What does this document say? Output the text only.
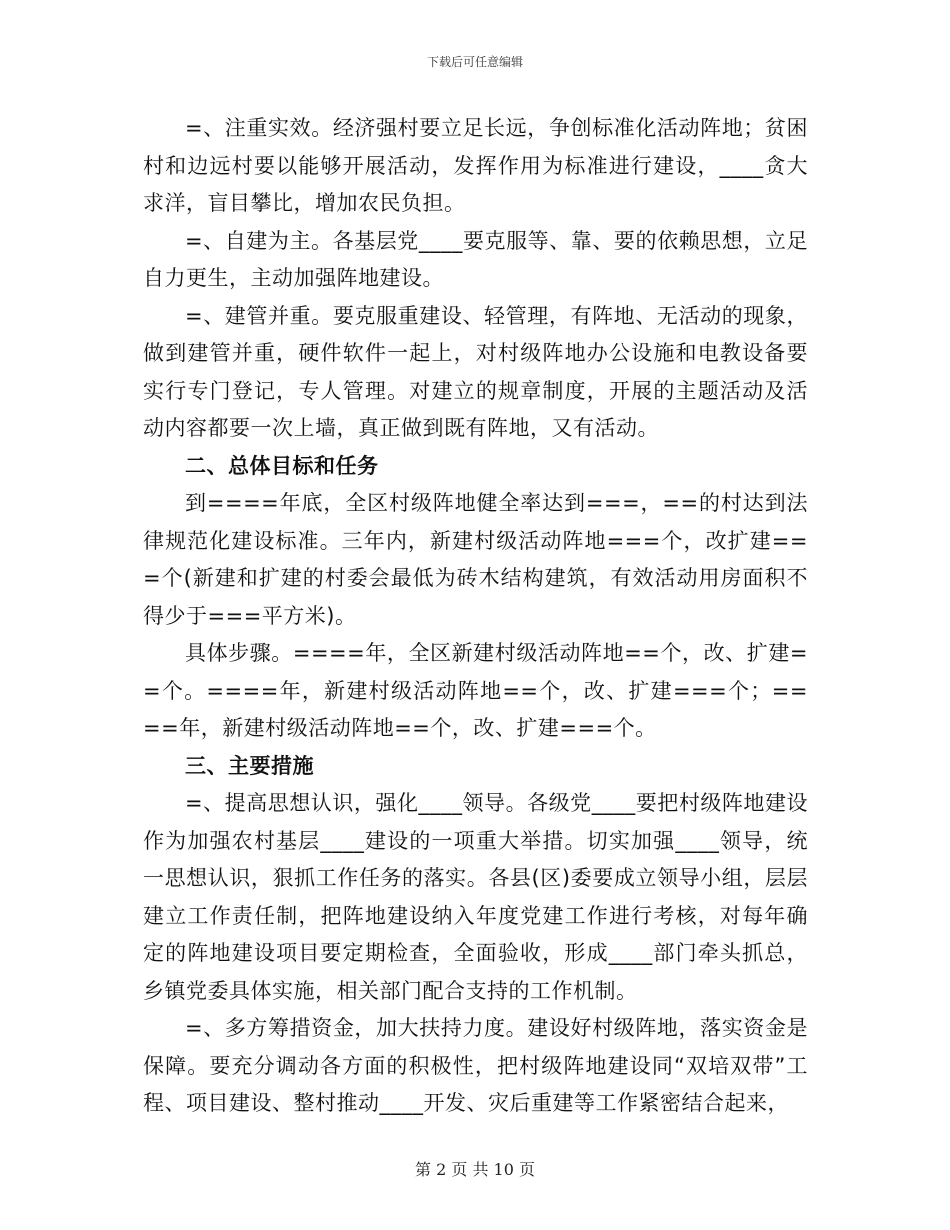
下载后可任意编辑

=、注重实效。经济强村要立足长远，争创标准化活动阵地；贫困村和边远村要以能够开展活动，发挥作用为标准进行建设，____贪大求洋，盲目攀比，增加农民负担。

=、自建为主。各基层党____要克服等、靠、要的依赖思想，立足自力更生，主动加强阵地建设。

=、建管并重。要克服重建设、轻管理，有阵地、无活动的现象，做到建管并重，硬件软件一起上，对村级阵地办公设施和电教设备要实行专门登记，专人管理。对建立的规章制度，开展的主题活动及活动内容都要一次上墙，真正做到既有阵地，又有活动。

二、总体目标和任务

到====年底，全区村级阵地健全率达到===，==的村达到法律规范化建设标准。三年内，新建村级活动阵地===个，改扩建===个(新建和扩建的村委会最低为砖木结构建筑，有效活动用房面积不得少于===平方米)。

具体步骤。====年，全区新建村级活动阵地==个，改、扩建==个。====年，新建村级活动阵地==个，改、扩建===个；====年，新建村级活动阵地==个，改、扩建===个。

三、主要措施

=、提高思想认识，强化____领导。各级党____要把村级阵地建设作为加强农村基层____建设的一项重大举措。切实加强____领导，统一思想认识，狠抓工作任务的落实。各县(区)委要成立领导小组，层层建立工作责任制，把阵地建设纳入年度党建工作进行考核，对每年确定的阵地建设项目要定期检查，全面验收，形成____部门牵头抓总，乡镇党委具体实施，相关部门配合支持的工作机制。

=、多方筹措资金，加大扶持力度。建设好村级阵地，落实资金是保障。要充分调动各方面的积极性，把村级阵地建设同“双培双带”工程、项目建设、整村推动____开发、灾后重建等工作紧密结合起来，

第 2 页 共 10 页
